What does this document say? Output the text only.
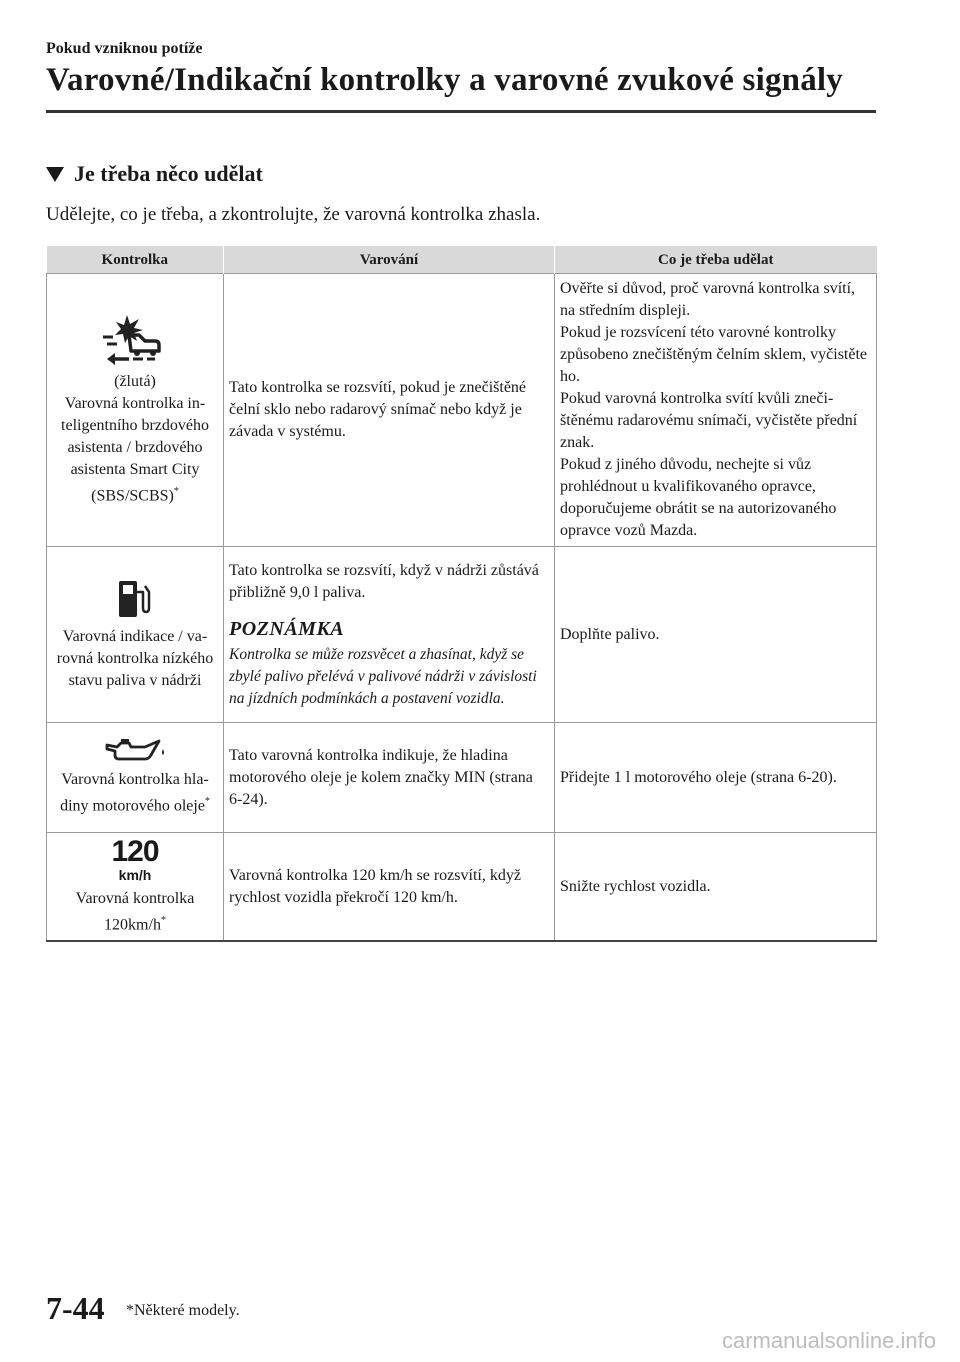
Pokud vzniknou potíže
Varovné/Indikační kontrolky a varovné zvukové signály
Je třeba něco udělat
Udělejte, co je třeba, a zkontrolujte, že varovná kontrolka zhasla.
Kontrolka	Varování	Co je třeba udělat

(žlutá)
Varovná kontrolka inteligentního brzdového asistenta / brzdového asistenta Smart City (SBS/SCBS)*	Tato kontrolka se rozsvítí, pokud je znečištěné čelní sklo nebo radarový snímač nebo když je závada v systému.	Ověřte si důvod, proč varovná kontrolka svítí, na středním displeji.
Pokud je rozsvícení této varovné kontrolky způsobeno znečištěným čelním sklem, vyčistěte ho.
Pokud varovná kontrolka svítí kvůli znečištěnému radarovému snímači, vyčistěte přední znak.
Pokud z jiného důvodu, nechejte si vůz prohlédnout u kvalifikovaného opravce, doporučujeme obrátit se na autorizovaného opravce vozů Mazda.

Varovná indikace / varovná kontrolka nízkého stavu paliva v nádrži	Tato kontrolka se rozsvítí, když v nádrži zůstává přibližně 9,0 l paliva.
POZNÁMKA
Kontrolka se může rozsvěcet a zhasínat, když se zbylé palivo přelévá v palivové nádrži v závislosti na jízdních podmínkách a postavení vozidla.	Doplňte palivo.

Varovná kontrolka hladiny motorového oleje*	Tato varovná kontrolka indikuje, že hladina motorového oleje je kolem značky MIN (strana 6-24).	Přidejte 1 l motorového oleje (strana 6-20).

120
km/h
Varovná kontrolka 120km/h*	Varovná kontrolka 120 km/h se rozsvítí, když rychlost vozidla překročí 120 km/h.	Snižte rychlost vozidla.
7-44 *Některé modely.
carmanualsonline.info
